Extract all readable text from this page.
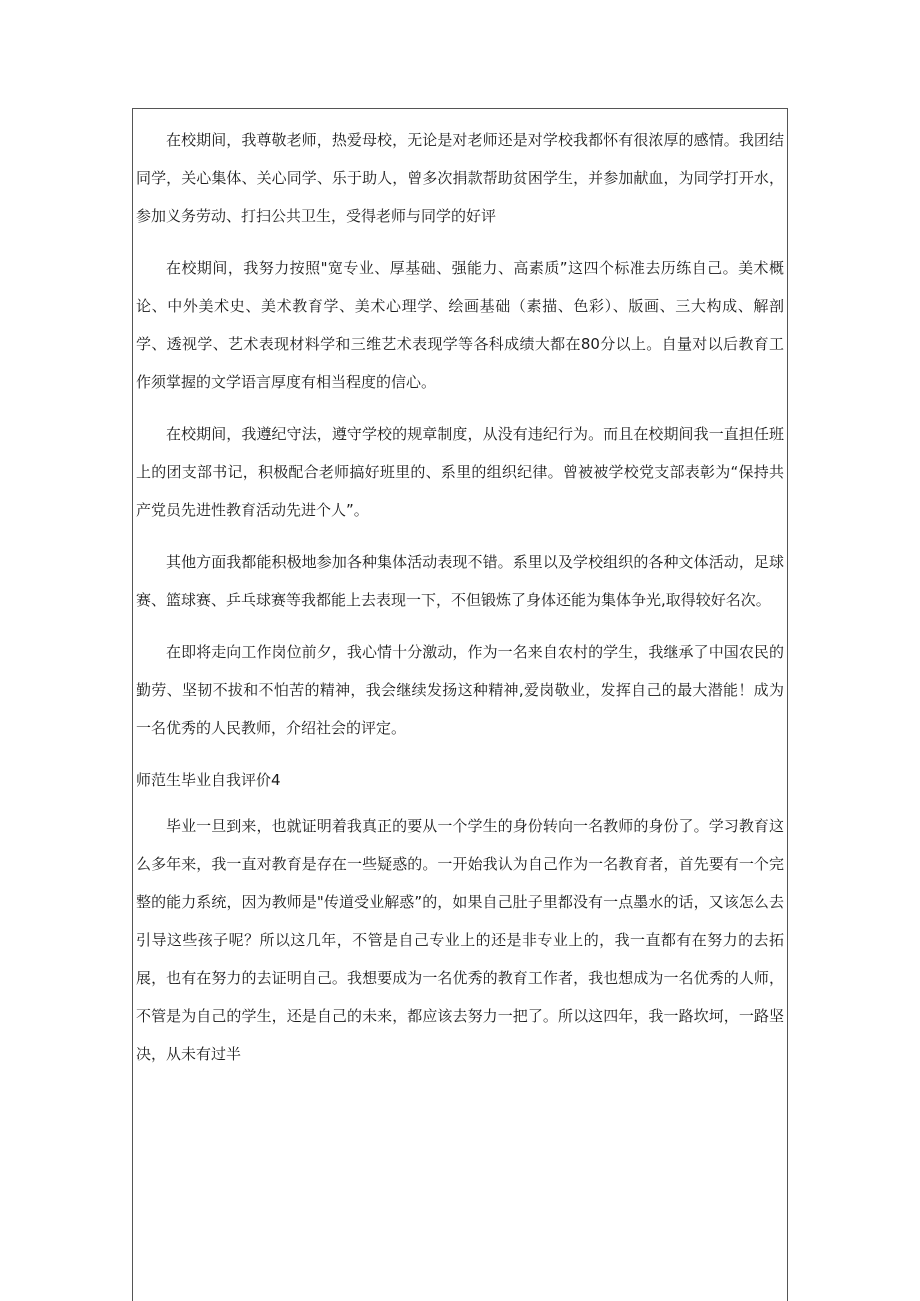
在校期间，我尊敬老师，热爱母校，无论是对老师还是对学校我都怀有很浓厚的感情。我团结同学，关心集体、关心同学、乐于助人，曾多次捐款帮助贫困学生，并参加献血，为同学打开水，参加义务劳动、打扫公共卫生，受得老师与同学的好评

在校期间，我努力按照"宽专业、厚基础、强能力、高素质”这四个标准去历练自己。美术概论、中外美术史、美术教育学、美术心理学、绘画基础（素描、色彩）、版画、三大构成、解剖学、透视学、艺术表现材料学和三维艺术表现学等各科成绩大都在80分以上。自量对以后教育工作须掌握的文学语言厚度有相当程度的信心。

在校期间，我遵纪守法，遵守学校的规章制度，从没有违纪行为。而且在校期间我一直担任班上的团支部书记，积极配合老师搞好班里的、系里的组织纪律。曾被被学校党支部表彰为“保持共产党员先进性教育活动先进个人”。

其他方面我都能积极地参加各种集体活动表现不错。系里以及学校组织的各种文体活动，足球赛、篮球赛、乒乓球赛等我都能上去表现一下，不但锻炼了身体还能为集体争光,取得较好名次。

在即将走向工作岗位前夕，我心情十分激动，作为一名来自农村的学生，我继承了中国农民的勤劳、坚韧不拔和不怕苦的精神，我会继续发扬这种精神,爱岗敬业，发挥自己的最大潜能！成为一名优秀的人民教师，介绍社会的评定。

师范生毕业自我评价4

毕业一旦到来，也就证明着我真正的要从一个学生的身份转向一名教师的身份了。学习教育这么多年来，我一直对教育是存在一些疑惑的。一开始我认为自己作为一名教育者，首先要有一个完整的能力系统，因为教师是"传道受业解惑”的，如果自己肚子里都没有一点墨水的话，又该怎么去引导这些孩子呢？所以这几年，不管是自己专业上的还是非专业上的，我一直都有在努力的去拓展，也有在努力的去证明自己。我想要成为一名优秀的教育工作者，我也想成为一名优秀的人师，不管是为自己的学生，还是自己的未来，都应该去努力一把了。所以这四年，我一路坎坷，一路坚决，从未有过半
